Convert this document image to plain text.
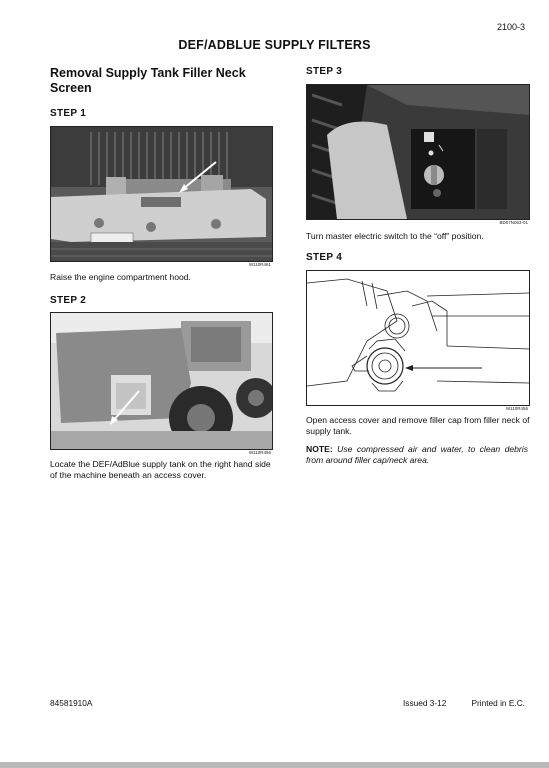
2100-3
DEF/ADBLUE SUPPLY FILTERS
Removal Supply Tank Filler Neck Screen
STEP 1
W110R461
Raise the engine compartment hood.
STEP 2
W110R456
Locate the DEF/AdBlue supply tank on the right hand side of the machine beneath an access cover.
STEP 3
BD07N063-01
Turn master electric switch to the “off” position.
STEP 4
W110R456
Open access cover and remove filler cap from filler neck of supply tank.
NOTE: Use compressed air and water, to clean debris from around filler cap/neck area.
84581910A	Issued 3-12	Printed in E.C.
